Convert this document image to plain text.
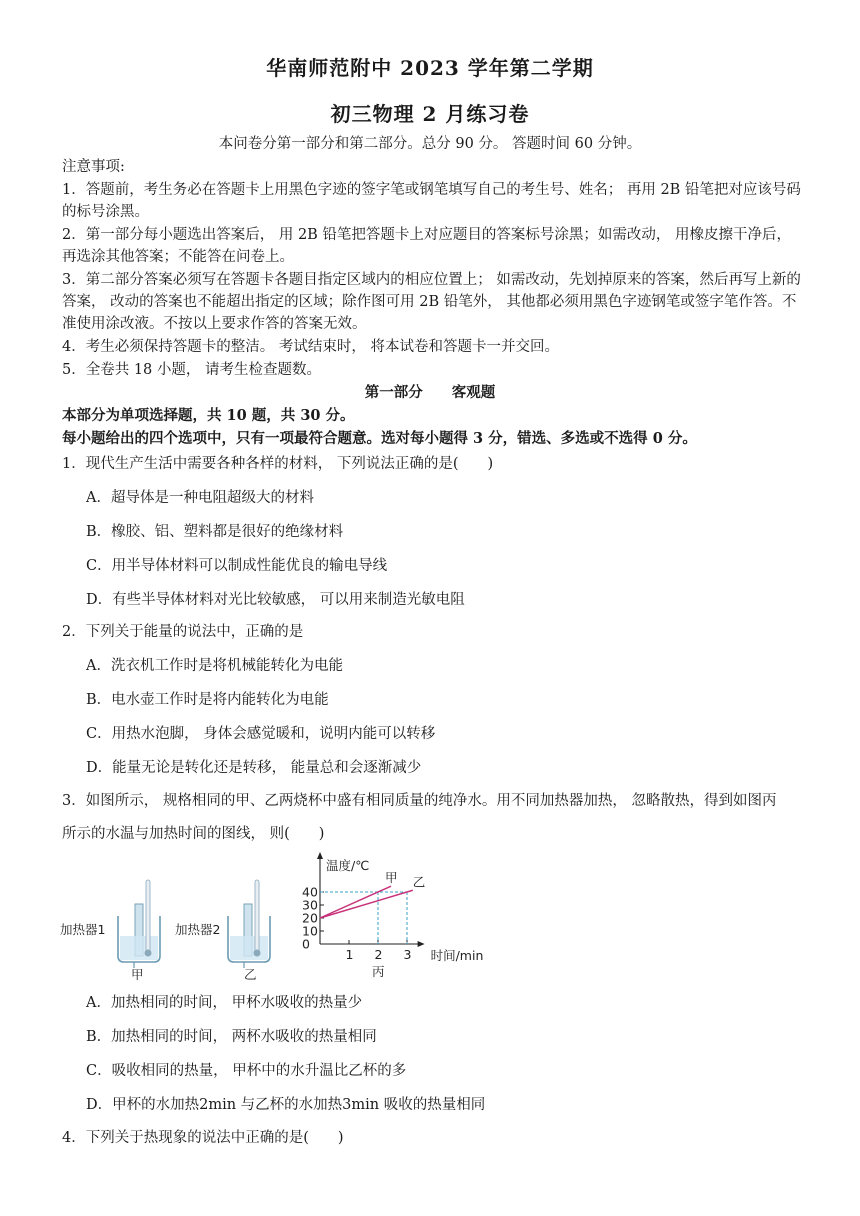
华南师范附中 2023 学年第二学期
初三物理 2 月练习卷
本问卷分第一部分和第二部分。总分 90 分。 答题时间 60 分钟。
注意事项:
1．答题前，考生务必在答题卡上用黑色字迹的签字笔或钢笔填写自己的考生号、姓名； 再用 2B 铅笔把对应该号码的标号涂黑。
2．第一部分每小题选出答案后， 用 2B 铅笔把答题卡上对应题目的答案标号涂黑；如需改动， 用橡皮擦干净后，再选涂其他答案；不能答在问卷上。
3．第二部分答案必须写在答题卡各题目指定区域内的相应位置上； 如需改动，先划掉原来的答案，然后再写上新的答案， 改动的答案也不能超出指定的区域；除作图可用 2B 铅笔外， 其他都必须用黑色字迹钢笔或签字笔作答。不准使用涂改液。不按以上要求作答的答案无效。
4．考生必须保持答题卡的整洁。 考试结束时， 将本试卷和答题卡一并交回。
5．全卷共 18 小题， 请考生检查题数。
第一部分　　客观题
本部分为单项选择题，共 10 题，共 30 分。
每小题给出的四个选项中，只有一项最符合题意。选对每小题得 3 分，错选、多选或不选得 0 分。
1．现代生产生活中需要各种各样的材料， 下列说法正确的是(　　)
A．超导体是一种电阻超级大的材料
B．橡胶、铝、塑料都是很好的绝缘材料
C．用半导体材料可以制成性能优良的输电导线
D．有些半导体材料对光比较敏感， 可以用来制造光敏电阻
2．下列关于能量的说法中，正确的是
A．洗衣机工作时是将机械能转化为电能
B．电水壶工作时是将内能转化为电能
C．用热水泡脚， 身体会感觉暖和，说明内能可以转移
D．能量无论是转化还是转移， 能量总和会逐渐减少
3．如图所示， 规格相同的甲、乙两烧杯中盛有相同质量的纯净水。用不同加热器加热， 忽略散热，得到如图丙
所示的水温与加热时间的图线， 则(　　)
加热器1
甲
加热器2
乙
温度/℃
时间/min
丙
0
10
20
30
40
1 2 3
甲 乙
A．加热相同的时间， 甲杯水吸收的热量少
B．加热相同的时间， 两杯水吸收的热量相同
C．吸收相同的热量， 甲杯中的水升温比乙杯的多
D．甲杯的水加热2min 与乙杯的水加热3min 吸收的热量相同
4．下列关于热现象的说法中正确的是(　　)
